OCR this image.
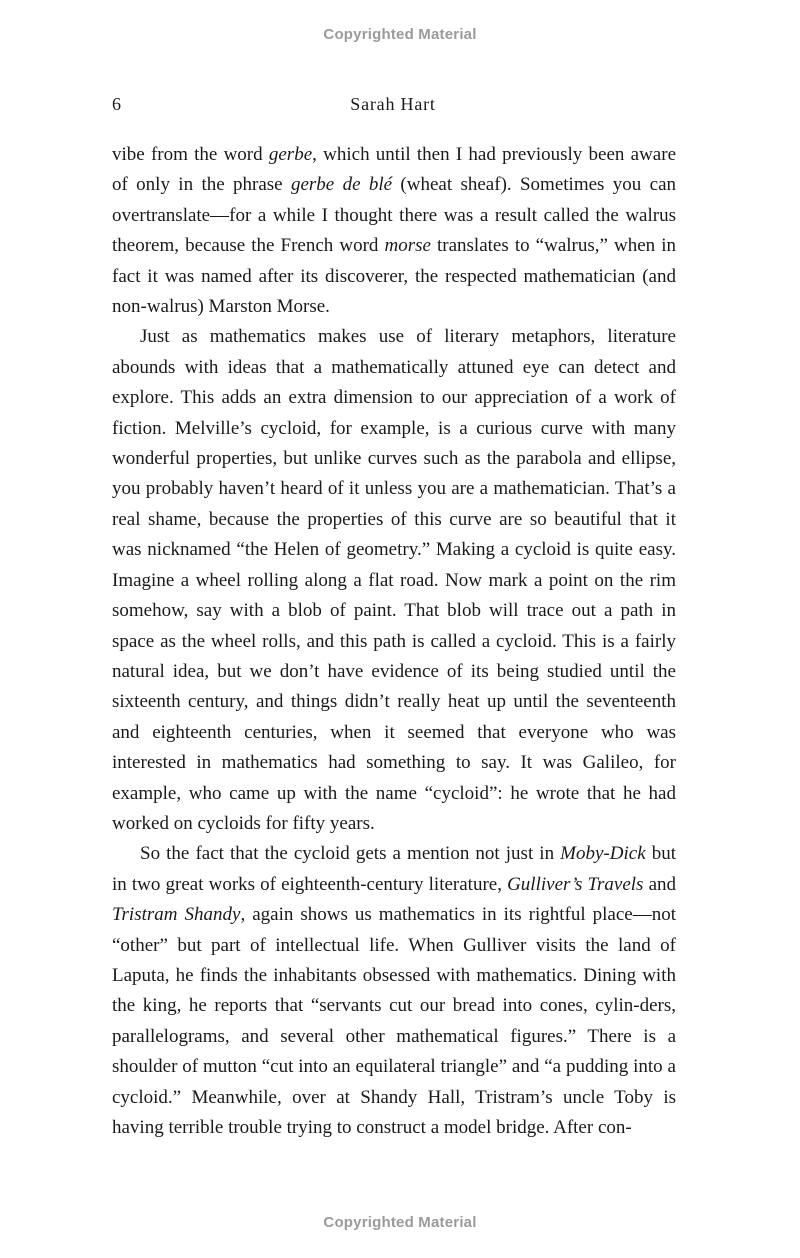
Copyrighted Material
6	Sarah Hart

vibe from the word gerbe, which until then I had previously been aware of only in the phrase gerbe de blé (wheat sheaf). Sometimes you can overtranslate—for a while I thought there was a result called the walrus theorem, because the French word morse translates to “walrus,” when in fact it was named after its discoverer, the respected mathematician (and non-walrus) Marston Morse.

Just as mathematics makes use of literary metaphors, literature abounds with ideas that a mathematically attuned eye can detect and explore. This adds an extra dimension to our appreciation of a work of fiction. Melville’s cycloid, for example, is a curious curve with many wonderful properties, but unlike curves such as the parabola and ellipse, you probably haven’t heard of it unless you are a mathematician. That’s a real shame, because the properties of this curve are so beautiful that it was nicknamed “the Helen of geometry.” Making a cycloid is quite easy. Imagine a wheel rolling along a flat road. Now mark a point on the rim somehow, say with a blob of paint. That blob will trace out a path in space as the wheel rolls, and this path is called a cycloid. This is a fairly natural idea, but we don’t have evidence of its being studied until the sixteenth century, and things didn’t really heat up until the seventeenth and eighteenth centuries, when it seemed that everyone who was interested in mathematics had something to say. It was Galileo, for example, who came up with the name “cycloid”: he wrote that he had worked on cycloids for fifty years.

So the fact that the cycloid gets a mention not just in Moby-Dick but in two great works of eighteenth-century literature, Gulliver’s Travels and Tristram Shandy, again shows us mathematics in its rightful place—not “other” but part of intellectual life. When Gulliver visits the land of Laputa, he finds the inhabitants obsessed with mathematics. Dining with the king, he reports that “servants cut our bread into cones, cylin-ders, parallelograms, and several other mathematical figures.” There is a shoulder of mutton “cut into an equilateral triangle” and “a pudding into a cycloid.” Meanwhile, over at Shandy Hall, Tristram’s uncle Toby is having terrible trouble trying to construct a model bridge. After con-

Copyrighted Material
